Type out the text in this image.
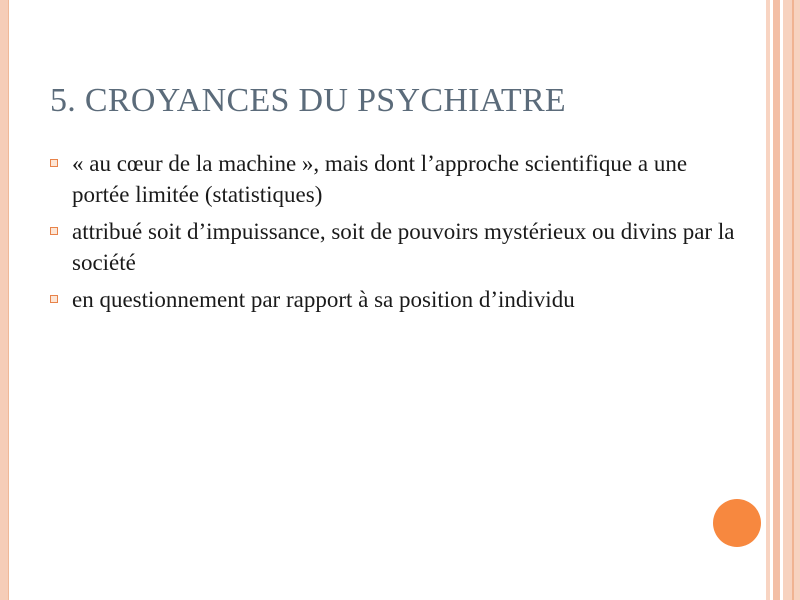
5. CROYANCES DU PSYCHIATRE
« au cœur de la machine », mais dont l’approche scientifique a une portée limitée (statistiques)
attribué soit d’impuissance, soit de pouvoirs mystérieux ou divins par la société
en questionnement par rapport à sa position d’individu
